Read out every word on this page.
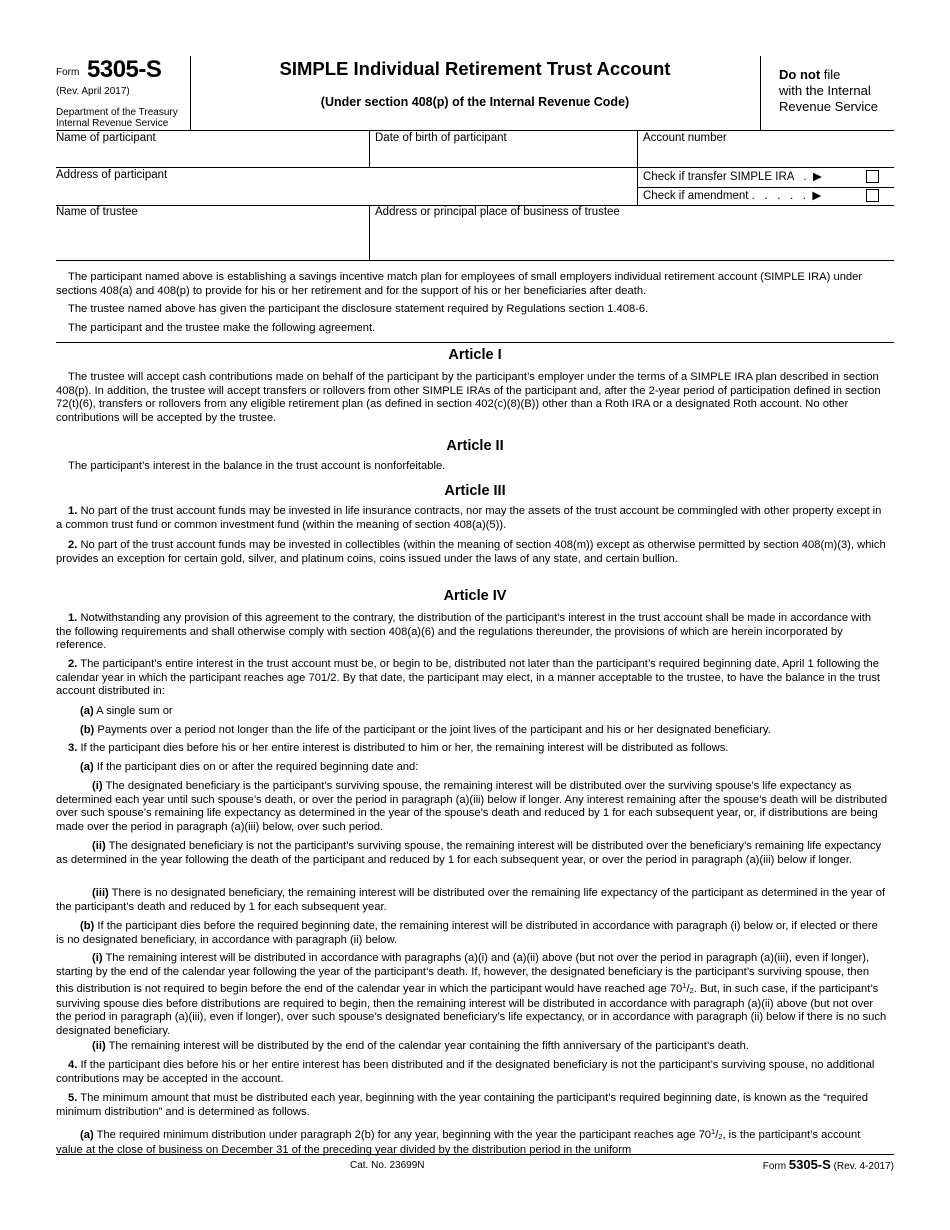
Form 5305-S
(Rev. April 2017)
Department of the Treasury
Internal Revenue Service
SIMPLE Individual Retirement Trust Account
(Under section 408(p) of the Internal Revenue Code)
Do not file
with the Internal
Revenue Service
Name of participant	Date of birth of participant	Account number
Address of participant	Check if transfer SIMPLE IRA   .  ▶
Check if amendment .   .   .   .   .  ▶
Name of trustee	Address or principal place of business of trustee

The participant named above is establishing a savings incentive match plan for employees of small employers individual retirement account (SIMPLE IRA) under sections 408(a) and 408(p) to provide for his or her retirement and for the support of his or her beneficiaries after death.

The trustee named above has given the participant the disclosure statement required by Regulations section 1.408-6.

The participant and the trustee make the following agreement.

Article I

The trustee will accept cash contributions made on behalf of the participant by the participant’s employer under the terms of a SIMPLE IRA plan described in section 408(p). In addition, the trustee will accept transfers or rollovers from other SIMPLE IRAs of the participant and, after the 2-year period of participation defined in section 72(t)(6), transfers or rollovers from any eligible retirement plan (as defined in section 402(c)(8)(B)) other than a Roth IRA or a designated Roth account. No other contributions will be accepted by the trustee.

Article II

The participant’s interest in the balance in the trust account is nonforfeitable.

Article III

1. No part of the trust account funds may be invested in life insurance contracts, nor may the assets of the trust account be commingled with other property except in a common trust fund or common investment fund (within the meaning of section 408(a)(5)).

2. No part of the trust account funds may be invested in collectibles (within the meaning of section 408(m)) except as otherwise permitted by section 408(m)(3), which provides an exception for certain gold, silver, and platinum coins, coins issued under the laws of any state, and certain bullion.

Article IV

1. Notwithstanding any provision of this agreement to the contrary, the distribution of the participant’s interest in the trust account shall be made in accordance with the following requirements and shall otherwise comply with section 408(a)(6) and the regulations thereunder, the provisions of which are herein incorporated by reference.

2. The participant’s entire interest in the trust account must be, or begin to be, distributed not later than the participant’s required beginning date, April 1 following the calendar year in which the participant reaches age 701/2. By that date, the participant may elect, in a manner acceptable to the trustee, to have the balance in the trust account distributed in:

(a) A single sum or

(b) Payments over a period not longer than the life of the participant or the joint lives of the participant and his or her designated beneficiary.

3. If the participant dies before his or her entire interest is distributed to him or her, the remaining interest will be distributed as follows.

(a) If the participant dies on or after the required beginning date and:

(i) The designated beneficiary is the participant’s surviving spouse, the remaining interest will be distributed over the surviving spouse’s life expectancy as determined each year until such spouse’s death, or over the period in paragraph (a)(iii) below if longer. Any interest remaining after the spouse’s death will be distributed over such spouse’s remaining life expectancy as determined in the year of the spouse’s death and reduced by 1 for each subsequent year, or, if distributions are being made over the period in paragraph (a)(iii) below, over such period.

(ii) The designated beneficiary is not the participant’s surviving spouse, the remaining interest will be distributed over the beneficiary’s remaining life expectancy as determined in the year following the death of the participant and reduced by 1 for each subsequent year, or over the period in paragraph (a)(iii) below if longer.

(iii) There is no designated beneficiary, the remaining interest will be distributed over the remaining life expectancy of the participant as determined in the year of the participant’s death and reduced by 1 for each subsequent year.

(b) If the participant dies before the required beginning date, the remaining interest will be distributed in accordance with paragraph (i) below or, if elected or there is no designated beneficiary, in accordance with paragraph (ii) below.

(i) The remaining interest will be distributed in accordance with paragraphs (a)(i) and (a)(ii) above (but not over the period in paragraph (a)(iii), even if longer), starting by the end of the calendar year following the year of the participant’s death. If, however, the designated beneficiary is the participant’s surviving spouse, then this distribution is not required to begin before the end of the calendar year in which the participant would have reached age $70^1/_2$. But, in such case, if the participant’s surviving spouse dies before distributions are required to begin, then the remaining interest will be distributed in accordance with paragraph (a)(ii) above (but not over the period in paragraph (a)(iii), even if longer), over such spouse’s designated beneficiary’s life expectancy, or in accordance with paragraph (ii) below if there is no such designated beneficiary.

(ii) The remaining interest will be distributed by the end of the calendar year containing the fifth anniversary of the participant’s death.

4. If the participant dies before his or her entire interest has been distributed and if the designated beneficiary is not the participant’s surviving spouse, no additional contributions may be accepted in the account.

5. The minimum amount that must be distributed each year, beginning with the year containing the participant’s required beginning date, is known as the “required minimum distribution” and is determined as follows.

(a) The required minimum distribution under paragraph 2(b) for any year, beginning with the year the participant reaches age $70^1/_2$, is the participant’s account value at the close of business on December 31 of the preceding year divided by the distribution period in the uniform

Cat. No. 23699N	Form 5305-S (Rev. 4-2017)
